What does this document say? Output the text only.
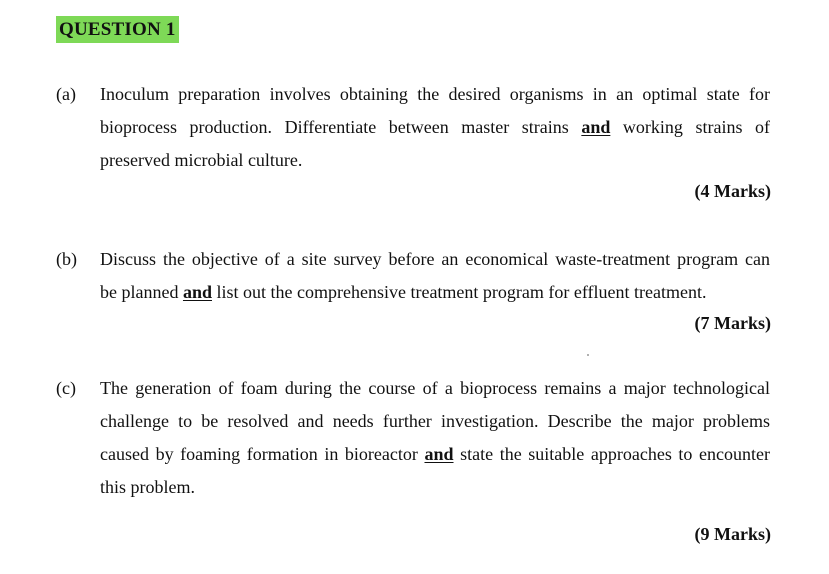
QUESTION 1
(a) Inoculum preparation involves obtaining the desired organisms in an optimal state for
bioprocess production. Differentiate between master strains and working strains of
preserved microbial culture.
(4 Marks)
(b) Discuss the objective of a site survey before an economical waste-treatment program can
be planned and list out the comprehensive treatment program for effluent treatment.
(7 Marks)
(c) The generation of foam during the course of a bioprocess remains a major technological
challenge to be resolved and needs further investigation. Describe the major problems
caused by foaming formation in bioreactor and state the suitable approaches to encounter
this problem.
(9 Marks)
